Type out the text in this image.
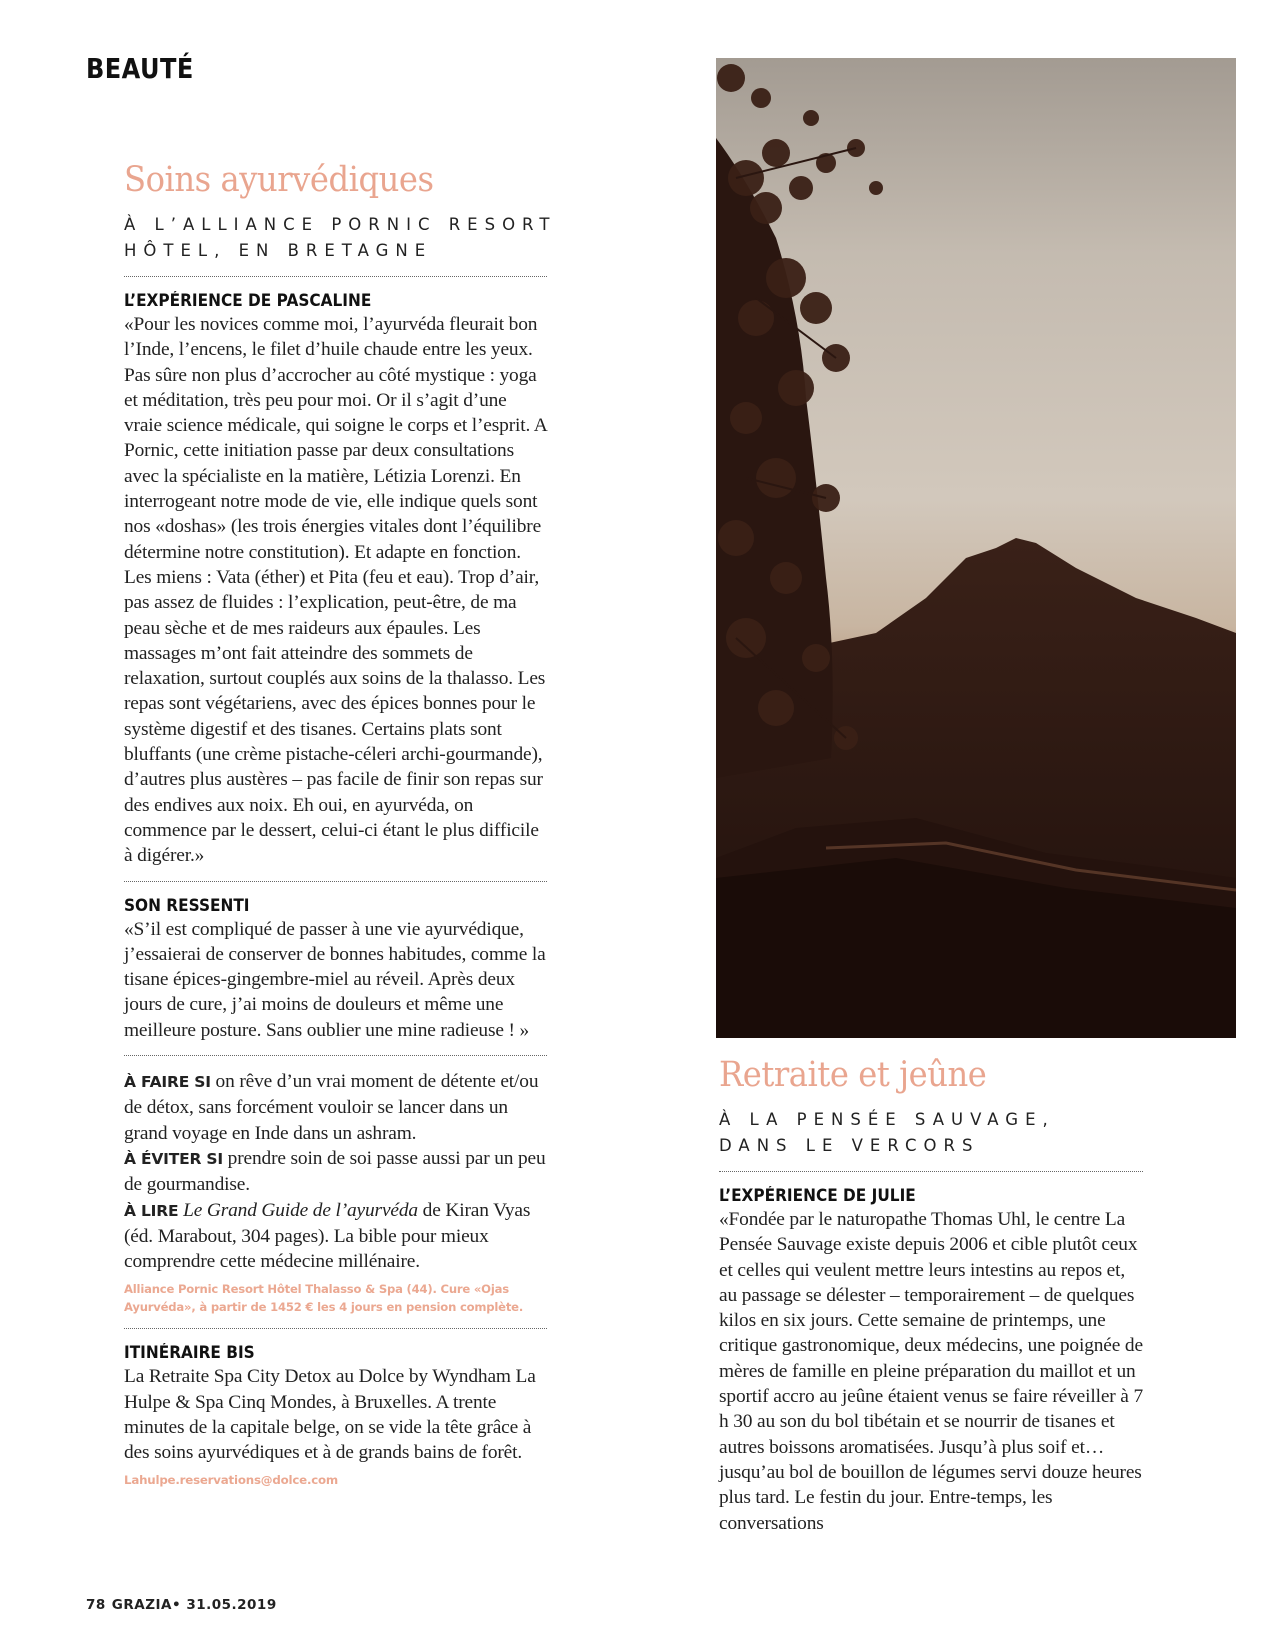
BEAUTÉ
Soins ayurvédiques
À L’ALLIANCE PORNIC RESORT
HÔTEL, EN BRETAGNE
L’EXPÉRIENCE DE PASCALINE
«Pour les novices comme moi, l’ayurvéda fleurait bon l’Inde, l’encens, le filet d’huile chaude entre les yeux. Pas sûre non plus d’accrocher au côté mystique : yoga et méditation, très peu pour moi. Or il s’agit d’une vraie science médicale, qui soigne le corps et l’esprit. A Pornic, cette initiation passe par deux consultations avec la spécialiste en la matière, Létizia Lorenzi. En interrogeant notre mode de vie, elle indique quels sont nos «doshas» (les trois énergies vitales dont l’équilibre détermine notre constitution). Et adapte en fonction. Les miens : Vata (éther) et Pita (feu et eau). Trop d’air, pas assez de fluides : l’explication, peut-être, de ma peau sèche et de mes raideurs aux épaules. Les massages m’ont fait atteindre des sommets de relaxation, surtout couplés aux soins de la thalasso. Les repas sont végétariens, avec des épices bonnes pour le système digestif et des tisanes. Certains plats sont bluffants (une crème pistache-céleri archi-gourmande), d’autres plus austères – pas facile de finir son repas sur des endives aux noix. Eh oui, en ayurvéda, on commence par le dessert, celui-ci étant le plus difficile à digérer.»
SON RESSENTI
«S’il est compliqué de passer à une vie ayurvédique, j’essaierai de conserver de bonnes habitudes, comme la tisane épices-gingembre-miel au réveil. Après deux jours de cure, j’ai moins de douleurs et même une meilleure posture. Sans oublier une mine radieuse ! »
À FAIRE SI on rêve d’un vrai moment de détente et/ou de détox, sans forcément vouloir se lancer dans un grand voyage en Inde dans un ashram.
À ÉVITER SI prendre soin de soi passe aussi par un peu de gourmandise.
À LIRE Le Grand Guide de l’ayurvéda de Kiran Vyas (éd. Marabout, 304 pages). La bible pour mieux comprendre cette médecine millénaire.
Alliance Pornic Resort Hôtel Thalasso & Spa (44). Cure «Ojas Ayurvéda», à partir de 1452 € les 4 jours en pension complète.
ITINÉRAIRE BIS
La Retraite Spa City Detox au Dolce by Wyndham La Hulpe & Spa Cinq Mondes, à Bruxelles. A trente minutes de la capitale belge, on se vide la tête grâce à des soins ayurvédiques et à de grands bains de forêt. Lahulpe.reservations@dolce.com
Retraite et jeûne
À LA PENSÉE SAUVAGE,
DANS LE VERCORS
L’EXPÉRIENCE DE JULIE
«Fondée par le naturopathe Thomas Uhl, le centre La Pensée Sauvage existe depuis 2006 et cible plutôt ceux et celles qui veulent mettre leurs intestins au repos et, au passage se délester – temporairement – de quelques kilos en six jours. Cette semaine de printemps, une critique gastronomique, deux médecins, une poignée de mères de famille en pleine préparation du maillot et un sportif accro au jeûne étaient venus se faire réveiller à 7 h 30 au son du bol tibétain et se nourrir de tisanes et autres boissons aromatisées. Jusqu’à plus soif et… jusqu’au bol de bouillon de légumes servi douze heures plus tard. Le festin du jour. Entre-temps, les conversations
78 GRAZIA• 31.05.2019
